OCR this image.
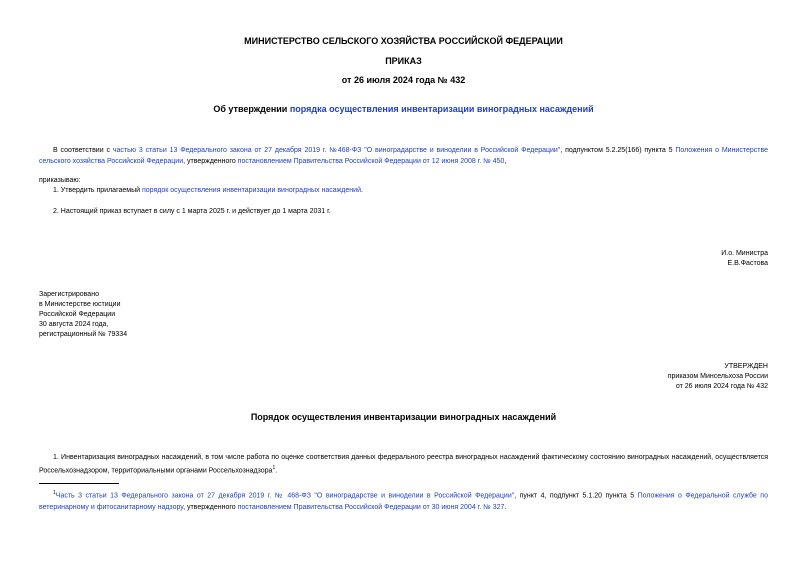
МИНИСТЕРСТВО СЕЛЬСКОГО ХОЗЯЙСТВА РОССИЙСКОЙ ФЕДЕРАЦИИ
ПРИКАЗ
от 26 июля 2024 года № 432
Об утверждении порядка осуществления инвентаризации виноградных насаждений
В соответствии с частью 3 статьи 13 Федерального закона от 27 декабря 2019 г. №468-ФЗ "О виноградарстве и виноделии в Российской Федерации", подпунктом 5.2.25(166) пункта 5 Положения о Министерстве сельского хозяйства Российской Федерации, утвержденного постановлением Правительства Российской Федерации от 12 июня 2008 г. № 450,
приказываю:
1. Утвердить прилагаемый порядок осуществления инвентаризации виноградных насаждений.
2. Настоящий приказ вступает в силу с 1 марта 2025 г. и действует до 1 марта 2031 г.
И.о. Министра
Е.В.Фастова
Зарегистрировано
в Министерстве юстиции
Российской Федерации
30 августа 2024 года,
регистрационный № 79334
УТВЕРЖДЕН
приказом Минсельхоза России
от 26 июля 2024 года № 432
Порядок осуществления инвентаризации виноградных насаждений
1. Инвентаризация виноградных насаждений, в том числе работа по оценке соответствия данных федерального реестра виноградных насаждений фактическому состоянию виноградных насаждений, осуществляется Россельхознадзором, территориальными органами Россельхознадзора$^1$.
$^1$Часть 3 статьи 13 Федерального закона от 27 декабря 2019 г. № 468-ФЗ "О виноградарстве и виноделии в Российской Федерации", пункт 4, подпункт 5.1.20 пункта 5 Положения о Федеральной службе по ветеринарному и фитосанитарному надзору, утвержденного постановлением Правительства Российской Федерации от 30 июня 2004 г. № 327.
